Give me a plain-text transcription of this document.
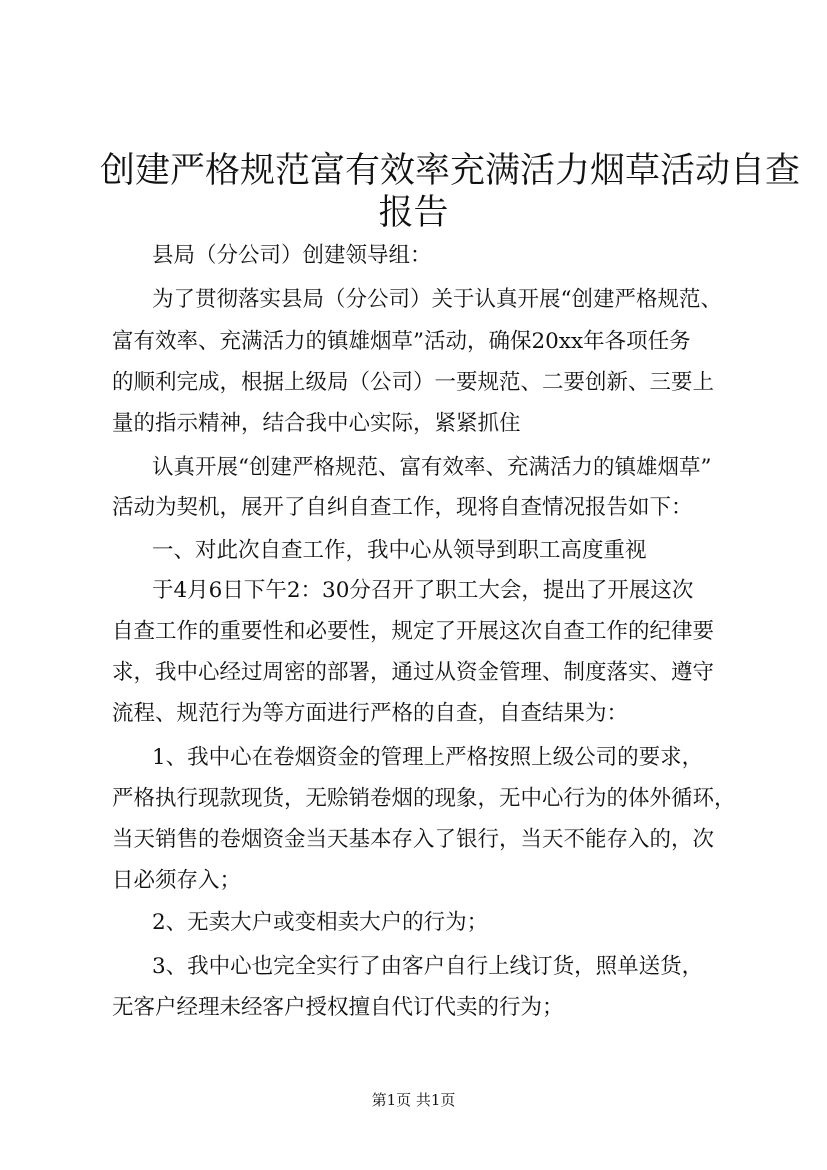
创建严格规范富有效率充满活力烟草活动自查
报告
县局（分公司）创建领导组：
为了贯彻落实县局（分公司）关于认真开展“创建严格规范、
富有效率、充满活力的镇雄烟草”活动，确保20xx年各项任务
的顺利完成，根据上级局（公司）一要规范、二要创新、三要上
量的指示精神，结合我中心实际，紧紧抓住
认真开展“创建严格规范、富有效率、充满活力的镇雄烟草”
活动为契机，展开了自纠自查工作，现将自查情况报告如下：
一、对此次自查工作，我中心从领导到职工高度重视
于4月6日下午2：30分召开了职工大会，提出了开展这次
自查工作的重要性和必要性，规定了开展这次自查工作的纪律要
求，我中心经过周密的部署，通过从资金管理、制度落实、遵守
流程、规范行为等方面进行严格的自查，自查结果为：
1、我中心在卷烟资金的管理上严格按照上级公司的要求，
严格执行现款现货，无赊销卷烟的现象，无中心行为的体外循环，
当天销售的卷烟资金当天基本存入了银行，当天不能存入的，次
日必须存入；
2、无卖大户或变相卖大户的行为；
3、我中心也完全实行了由客户自行上线订货，照单送货，
无客户经理未经客户授权擅自代订代卖的行为；
第1页 共1页
